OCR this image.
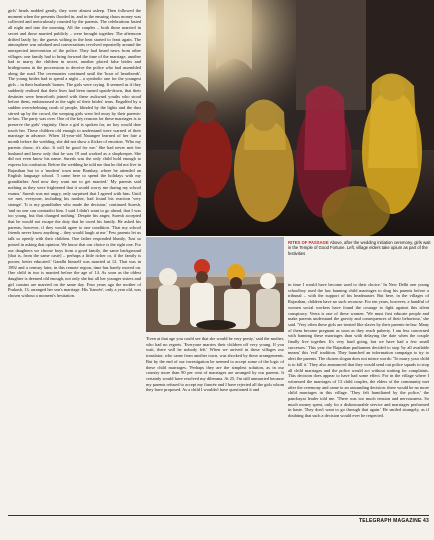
girls' heads nodded gently, they were almost asleep. Then followed the moment when the presents flooded in, and in the ensuing chaos money was collected and meticulously counted by the parents. The celebrations lasted all night and into the morning. All the couples – both those married in secret and those married publicly – were brought together. The afternoon drifted lazily by; the guests wilting in the heat started to feast again. The atmosphere was subdued and conversations revolved repeatedly around the unexpected intervention of the police. They had heard news from other villages: one family had to bring forward the time of the marriage, another had to marry the children in secret, another placed false brides and bridegrooms in the processions to deceive the police who had assembled along the road. The ceremonies continued until the 'hour of heartbreak'. The young brides had to spend a night – a symbolic one for the youngest girls – in their husbands' homes. The girls were crying. It seemed as if they suddenly realised that their lives had been turned upside-down, that their destinies were henceforth joined with these awkward youths who stood before them, embarrassed at the sight of their brides' tears. Engulfed by a sudden overwhelming crush of people, blinded by the lights and the dust stirred up by the crowd, the weeping girls were led away by their parents-in-law. The party was over. One of the key reasons for these marriages is to preserve the girls' virginity. Once a girl is spoken for, no boy would dare touch her. These children old enough to understand were warned of their marriage in advance. When 14-year-old Natangee learned of her fate a month before the wedding, she did not show a flicker of emotion. 'Who my parents chose, it's also. It will be good for me.' She had never met her husband and knew only that he was 19 and worked as a shopkeeper. She did not even know his name. Suresh was the only child bold enough to express his confusion. Before the wedding he told me that he did not live in Rajasthan but in a 'modern' town near Bombay, where he attended an English language school. 'I came here to spend the holidays with my grandfather. And now they want me to get married.' My parents said nothing as they were frightened that it would worry me during my school exams.' Suresh was not angry, only surprised that I agreed with him. Until we met, everyone, including his mother, had found his reaction 'very strange'. 'It is my grandfather who made the decision,' continued Suresh, 'and no one can contradict him. I said I didn't want to go ahead, that I was too young, but that changed nothing.' Despite his anger, Suresh accepted that he would not escape the duty that he owed his family. He asked his parents, however, if they would agree to one condition. 'That my school friends never know anything – they would laugh at me.' Few parents let us talk so openly with their children. One father responded bluntly, 'Just so poised in asking that opinion. We know that our choice is the right one. For our daughters we choose boys from a good family, the same background [that is, from the same caste] – perhaps a little richer or, if the family is poorer, better educated.' Gandhi himself was married at 12. That was in 1892 and a century later, in this remote region, time has barely moved on. One child in two is married before the age of 14. As soon as the oldest daughter is deemed old enough, not only she but all her younger sisters and girl cousins are married on the same day. Four years ago the mother of Prakash, 13, arranged her son's marriage. His 'fiancée', only a year old, was chosen without a moment's hesitation.

RITES OF PASSAGE Above, after the wedding initiation ceremony, girls wait in the Temple of Good Fortune. Left, village elders take opium as part of the festivities

'Even at that age you could see that she would be very pretty,' said the mother, who had no regrets. 'Everyone marries their children off very young. If you wait, there will be nobody left.' When we arrived in these villages our translator, who came from another town, was shocked by these arrangements. But by the end of our investigation he seemed to accept some of the logic of these child marriages. 'Perhaps they are the simplest solution, as in our country more than 90 per cent of marriages are arranged by our parents. It certainly would have resolved my dilemma. At 25, I'm still unmarried because my parents refused to accept my fiancée and I have rejected all the girls whom they have proposed. As a child I wouldn't have questioned it and

in time I would have become used to their choice.' In New Delhi one young schoolboy used the law banning child marriages to drag his parents before a tribunal – with the support of his headmaster. But here, in the villages of Rajasthan, children have no such recourse. For ten years, however, a handful of women social workers have found the courage to fight against this silent conspiracy. Veera is one of these women. 'We must first educate people and make parents understand the gravity and consequences of their behaviour,' she said. 'Very often these girls are treated like slaves by their parents-in-law. Many of them become pregnant as soon as they reach puberty. I am less concerned with banning these marriages than with delaying the date when the couple finally live together. It's very hard going, but we have had a few small successes.' This year the Rajasthan parliament decided to stop 'by all available means' this 'evil' tradition. They launched an information campaign to try to alert the parents. The chosen slogan does not mince words: 'To marry your child is to kill it.' They also announced that they would send out police squads to stop all child marriages and the police would act without waiting for complaints. This decision does appear to have had some effect. For in the village where I witnessed the marriages of 13 child couples, the elders of the community met after the ceremony and came to an astounding decision: there would be no more child marriages in this village. 'They felt humiliated by the police,' the panchayat leader told me. 'There was too much tension and nervousness. So much money spent, only for a dishonourable service and marriages performed in haste. They don't want to go through that again.' He smiled strangely, as if doubting that such a decision would ever be respected.

TELEGRAPH MAGAZINE 43
